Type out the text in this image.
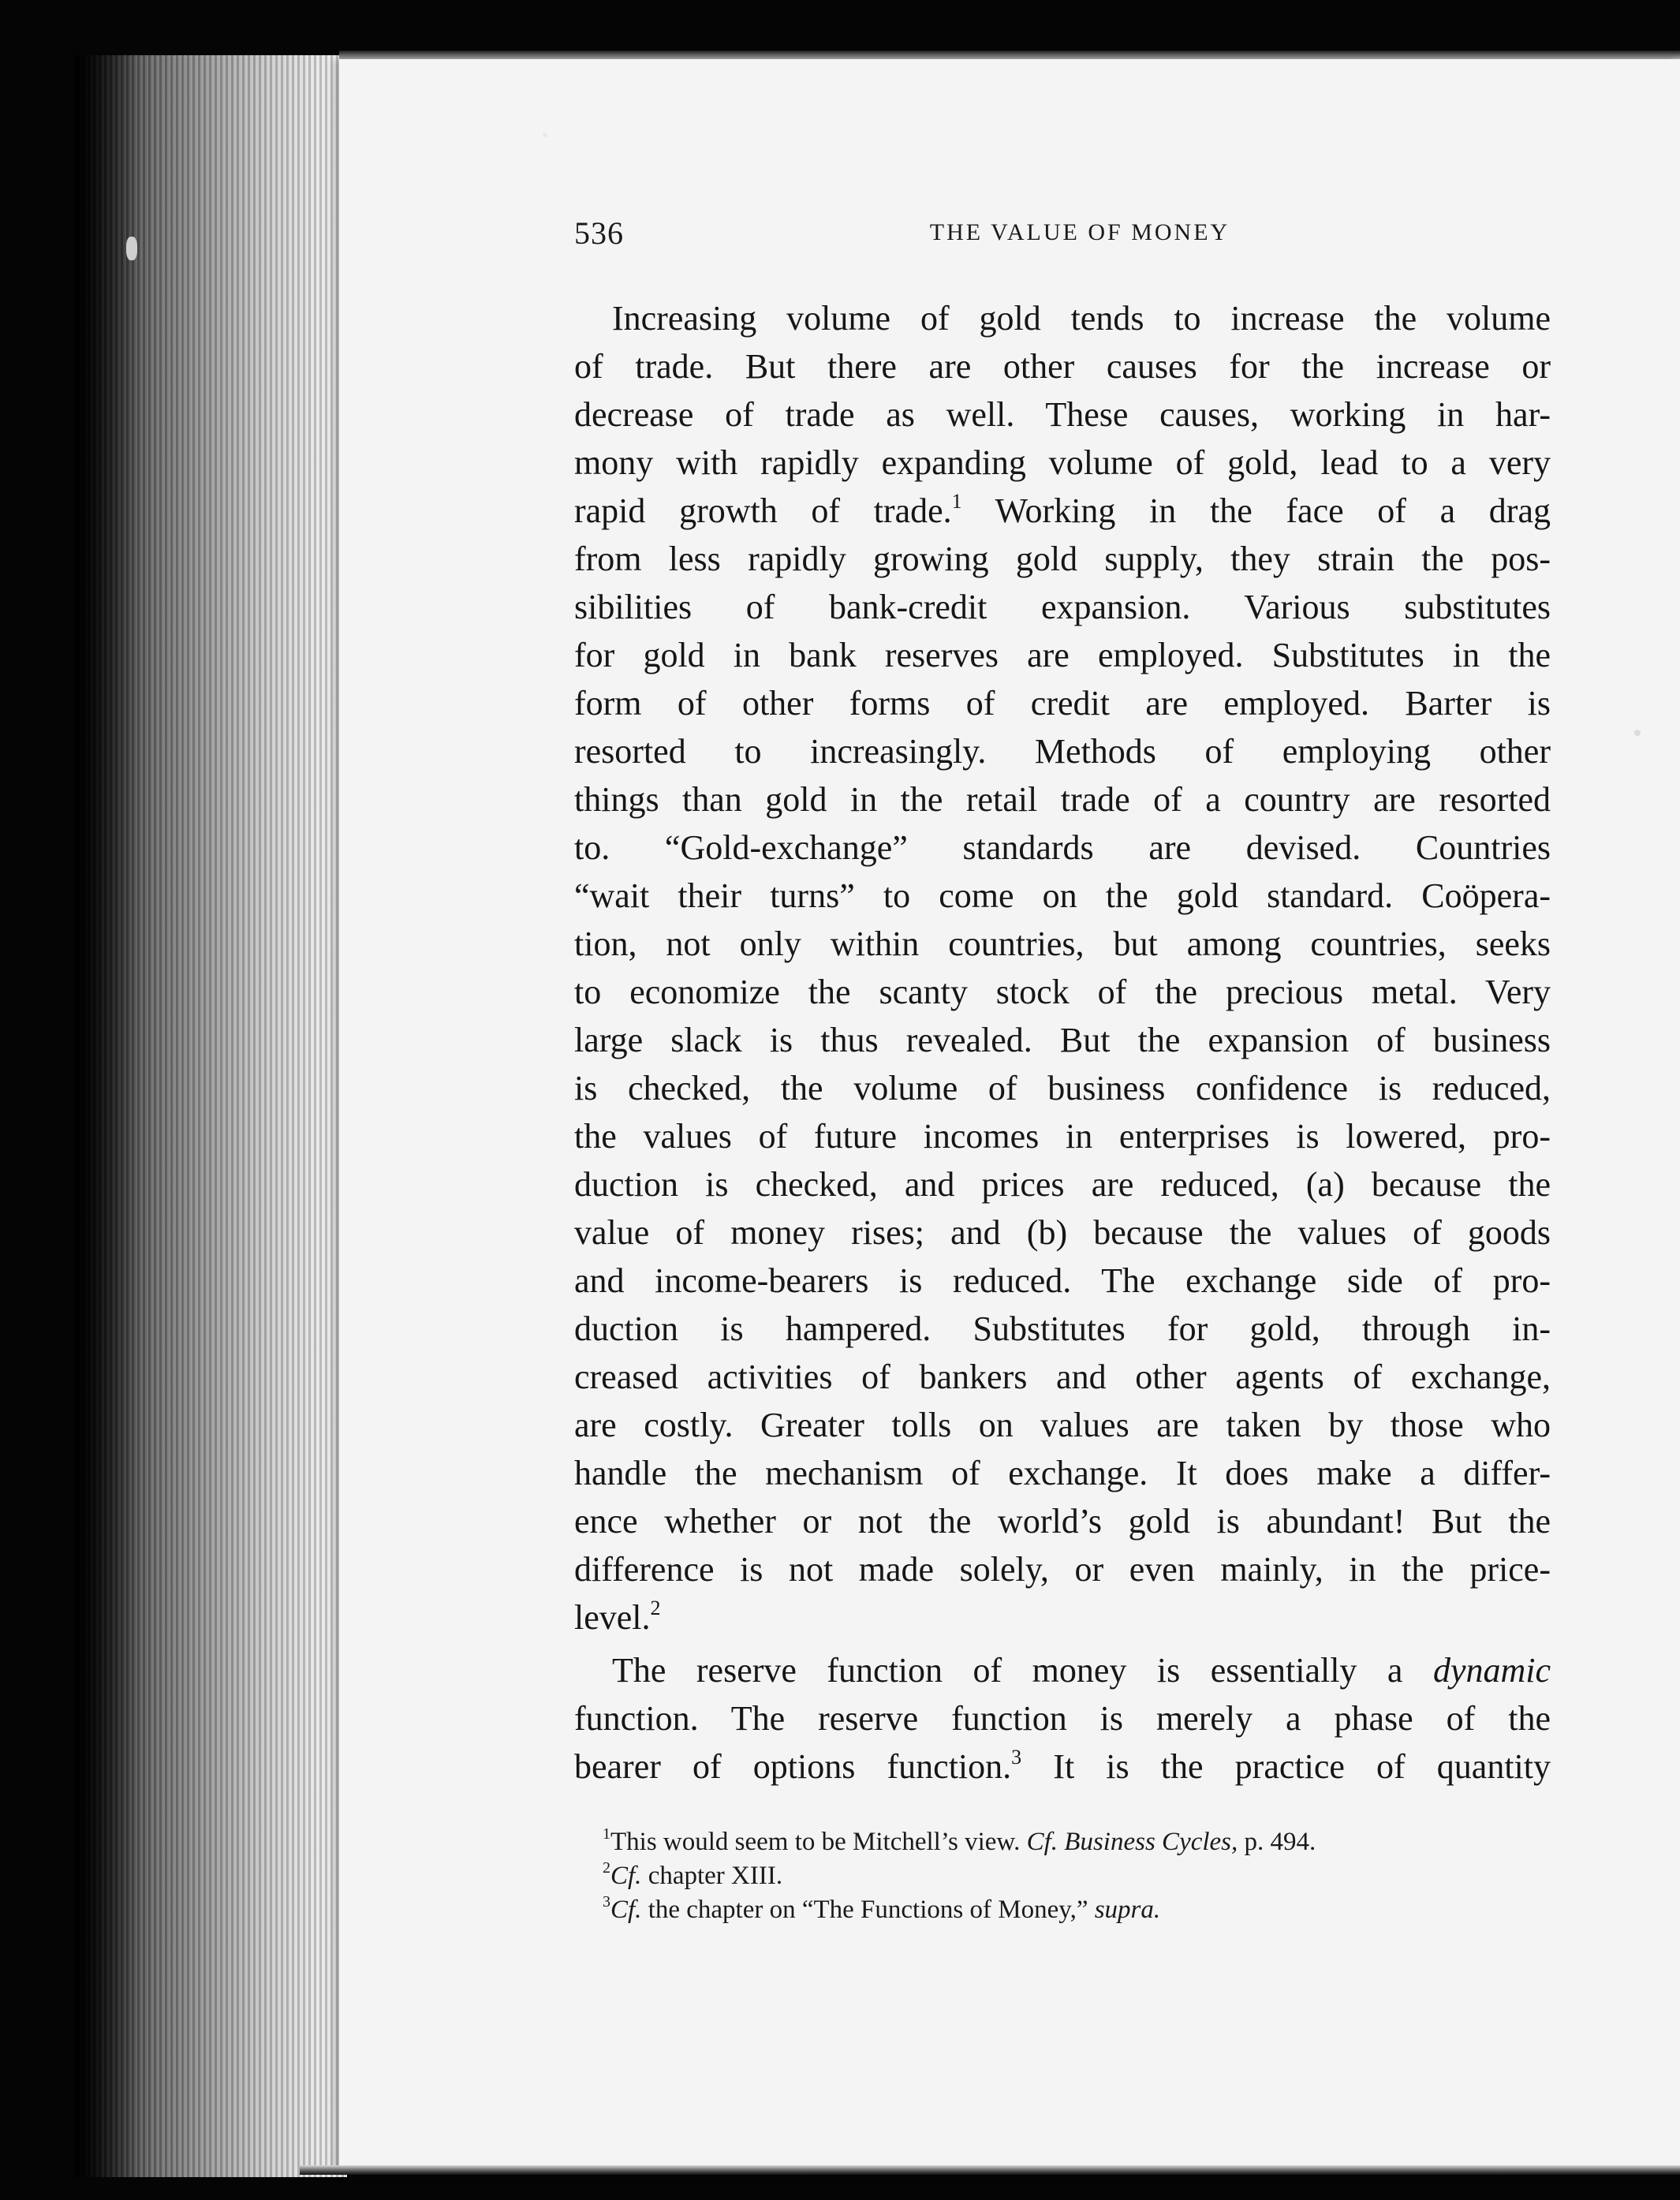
536	THE VALUE OF MONEY
Increasing volume of gold tends to increase the volume
of trade. But there are other causes for the increase or
decrease of trade as well. These causes, working in har-
mony with rapidly expanding volume of gold, lead to a very
rapid growth of trade.$^1$ Working in the face of a drag
from less rapidly growing gold supply, they strain the pos-
sibilities of bank-credit expansion. Various substitutes
for gold in bank reserves are employed. Substitutes in the
form of other forms of credit are employed. Barter is
resorted to increasingly. Methods of employing other
things than gold in the retail trade of a country are resorted
to. “Gold-exchange” standards are devised. Countries
“wait their turns” to come on the gold standard. Coöpera-
tion, not only within countries, but among countries, seeks
to economize the scanty stock of the precious metal. Very
large slack is thus revealed. But the expansion of business
is checked, the volume of business confidence is reduced,
the values of future incomes in enterprises is lowered, pro-
duction is checked, and prices are reduced, (a) because the
value of money rises; and (b) because the values of goods
and income-bearers is reduced. The exchange side of pro-
duction is hampered. Substitutes for gold, through in-
creased activities of bankers and other agents of exchange,
are costly. Greater tolls on values are taken by those who
handle the mechanism of exchange. It does make a differ-
ence whether or not the world’s gold is abundant! But the
difference is not made solely, or even mainly, in the price-
level.$^2$
The reserve function of money is essentially a dynamic
function. The reserve function is merely a phase of the
bearer of options function.$^3$ It is the practice of quantity
$^1$This would seem to be Mitchell’s view. Cf. Business Cycles, p. 494.
$^2$Cf. chapter XIII.
$^3$Cf. the chapter on “The Functions of Money,” supra.
